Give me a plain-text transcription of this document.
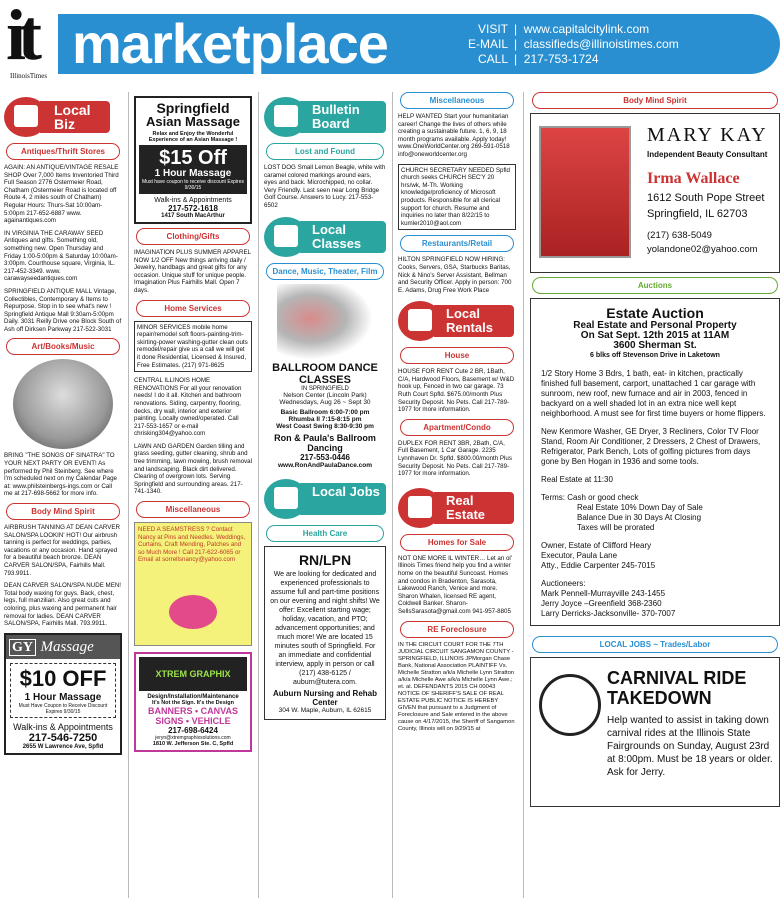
it
IllinoisTimes
marketplace	VISIT |  www.capitalcitylink.com
E-MAIL |  classifieds@illinoistimes.com
CALL |  217-753-1724
Local Biz
Antiques/Thrift Stores
AGAIN: AN ANTIQUE/VINTAGE RESALE SHOP Over 7,000 Items Inventoried Third Full Season 2776 Ostermeier Road, Chatham (Ostermeier Road is located off Route 4, 2 miles south of Chatham) Regular Hours: Thurs-Sat 10:00am-5:00pm 217-652-6887 www. againantiques.com
IN VIRGINIA THE CARAWAY SEED Antiques and gifts. Something old, something new. Open Thursday and Friday 1:00-5:00pm & Saturday 10:00am-3:00pm. Courthouse square, Virginia, IL. 217-452-3349. www. carawayseedantiques.com
SPRINGFIELD ANTIQUE MALL Vintage, Collectibles, Contemporary & Items to Repurpose. Stop in to see what's new ! Springfield Antique Mall 9:30am-5:00pm Daily. 3031 Reilly Drive one Block South of Ash off Dirksen Parkway 217-522-3031
Art/Books/Music
BRING "THE SONGS OF SINATRA" TO YOUR NEXT PARTY OR EVENT! As performed by Phil Steinberg. See where I'm scheduled next on my Calendar Page at: www.philsteinbergs-ings.com or Call me at 217-698-5662 for more info.
Body Mind Spirit
AIRBRUSH TANNING AT DEAN CARVER SALON/SPA LOOKIN' HOT! Our airbrush tanning is perfect for weddings, parties, vacations or any occasion. Hand sprayed for a beautiful beach bronze. DEAN CARVER SALON/SPA, Fairhills Mall. 793.9911.
DEAN CARVER SALON/SPA NUDE MEN! Total body waxing for guys. Back, chest, legs, full manzilian. Also great cuts and coloring, plus waxing and permanent hair removal for ladies. DEAN CARVER SALON/SPA, Fairhills Mall. 793.9911.
GY Massage
$10 OFF
1 Hour Massage
Must Have Coupon to Receive Discount Expires 9/30/15
Walk-ins & Appointments
217-546-7250
2655 W Lawrence Ave, Spfld
Springfield
Asian Massage
Relax and Enjoy the Wonderful Experience of an Asian Massage !
$15 Off
1 Hour Massage
Must have coupon to receive discount Expires 9/30/15
Walk-ins & Appointments
217-572-1618
1417 South MacArthur
Clothing/Gifts
IMAGINATION PLUS SUMMER APPAREL NOW 1/2 OFF New things arriving daily / Jewelry, handbags and great gifts for any occasion. Unique stuff for unique people. Imagination Plus Fairhills Mall. Open 7 days.
Home Services
MINOR SERVICES mobile home repair/remodel soft floors-painting-trim-skirting-power washing-gutter clean outs remodel/repair give us a call we will get it done Residential, Licensed & Insured, Free Estimates. (217) 971-8625
CENTRAL ILLINOIS HOME RENOVATIONS For all your renovation needs! I do it all. Kitchen and bathroom renovations. Siding, carpentry, flooring, decks, dry wall, interior and exterior painting. Locally owned/operated. Call 217-553-1657 or e-mail chrisking304@yahoo.com
LAWN AND GARDEN Garden tilling and grass seeding, gutter cleaning, shrub and tree trimming, lawn mowing, brush removal and landscaping. Black dirt delivered. Clearing of overgrown lots. Serving Springfield and surrounding areas. 217-741-1340.
Miscellaneous
NEED A SEAMSTRESS ? Contact Nancy at Pins and Needles. Weddings, Curtains, Craft Mending, Patches and so Much More ! Call 217-622-6065 or Email at sorrellsnancy@yahoo.com
XTREM GRAPHIX
Design/Installation/Maintenance
It's Not the Sign. It's the Design
BANNERS • CANVAS
SIGNS • VEHICLE
217-698-6424
jeryn@xtremgraphixsolutions.com
1810 W. Jefferson Ste. C, Spfld
Bulletin Board
Lost and Found
LOST DOG Small Lemon Beagle, white with caramel colored markings around ears, eyes and back. Microchipped, no collar. Very Friendly. Last seen near Long Bridge Golf Course. Answers to Lucy. 217-553-6502
Local Classes
Dance, Music, Theater, Film
BALLROOM DANCE CLASSES
IN SPRINGFIELD
Nelson Center (Lincoln Park)
Wednesdays, Aug 26 ~ Sept 30
Basic Ballroom 6:00-7:00 pm
Rhumba II 7:15-8:15 pm
West Coast Swing 8:30-9:30 pm
Ron & Paula's Ballroom Dancing
217-553-0446
www.RonAndPaulaDance.com
Local Jobs
Health Care
RN/LPN
We are looking for dedicated and experienced professionals to assume full and part-time positions on our evening and night shifts! We offer: Excellent starting wage; holiday, vacation, and PTO; advancement opportunities; and much more! We are located 15 minutes south of Springfield. For an immediate and confidential interview, apply in person or call (217) 438-6125 / auburn@tutera.com.
Auburn Nursing and Rehab Center
304 W. Maple, Auburn, IL 62615
Miscellaneous
HELP WANTED Start your humanitarian career! Change the lives of others while creating a sustainable future. 1, 6, 9, 18 month programs available. Apply today! www.OneWorldCenter.org 269-591-0518 info@oneworldcenter.org
CHURCH SECRETARY NEEDED Spfld church seeks CHURCH SEC'Y 20 hrs/wk, M-Th. Working knowledge/proficiency of Microsoft products. Responsible for all clerical support for church. Resume and inquiries no later than 8/22/15 to kumler2010@aol.com
Restaurants/Retail
HILTON SPRINGFIELD NOW HIRING: Cooks, Servers, GSA, Starbucks Baritas, Nick & Nino's Server Assistant, Bellman and Security Officer. Apply in person: 700 E. Adams, Drug Free Work Place
Local Rentals
House
HOUSE FOR RENT Cute 2 BR, 1Bath, C/A, Hardwood Floors, Basement w/ W&D hook up, Fenced in two car garage. 73 Ruth Court Spfld. $675.00/month Plus Security Deposit. No Pets. Call 217-789-1977 for more information.
Apartment/Condo
DUPLEX FOR RENT 3BR, 2Bath, C/A, Full Basement, 1 Car Garage. 2235 Lynnhaven Dr. Spfld. $800.00/month Plus Security Deposit. No Pets. Call 217-789-1977 for more information.
Real Estate
Homes for Sale
NOT ONE MORE IL WINTER… Let an ol' Illinois Times friend help you find a winter home on the beautiful Suncoast. Homes and condos in Bradenton, Sarasota, Lakewood Ranch, Venice and more. Sharon Whalen, licensed RE agent, Coldwell Banker. Sharon-SellsSarasota@gmail.com 941-957-8805
RE Foreclosure
IN THE CIRCUIT COURT FOR THE 7TH JUDICIAL CIRCUIT SANGAMON COUNTY - SPRINGFIELD, ILLINOIS JPMorgan Chase Bank, National Association PLAINTIFF Vs. Michelle Stratton a/k/a Michelle Lynn Stratton a/k/a Michelle Awe a/k/a Michelle Lynn Awe.; et. al. DEFENDANTS 2015 CH 00043 NOTICE OF SHERIFF'S SALE OF REAL ESTATE PUBLIC NOTICE IS HEREBY GIVEN that pursuant to a Judgment of Foreclosure and Sale entered in the above cause on 4/17/2015, the Sheriff of Sangamon County, Illinois will on 9/29/15 at
Body Mind Spirit
MARY KAY
Independent Beauty Consultant
Irma Wallace
1612 South Pope Street
Springfield, IL 62703
(217) 638-5049
yolandone02@yahoo.com
Auctions
Estate Auction
Real Estate and Personal Property
On Sat Sept. 12th 2015 at 11AM
3600 Sherman St.
6 blks off Stevenson Drive in Laketown
1/2 Story Home 3 Bdrs, 1 bath, eat- in kitchen, practically finished full basement, carport, unattached 1 car garage with sunroom, new roof, new furnace and air in 2003, fenced in backyard on a well shaded lot in an extra nice well kept neighborhood. A must see for first time buyers or home flippers.
New Kenmore Washer, GE Dryer, 3 Recliners, Color TV Floor Stand, Room Air Conditioner, 2 Dressers, 2 Chest of Drawers, Refrigerator, Park Bench, Lots of golfing pictures from days gone by Ben Hogan in 1936 and some tools.
Real Estate at 11:30
Terms: Cash or good check
Real Estate 10% Down Day of Sale
Balance Due in 30 Days At Closing
Taxes will be prorated
Owner, Estate of Clifford Heary
Executor, Paula Lane
Atty., Eddie Carpenter 245-7015
Auctioneers:
Mark Pennell-Murrayville 243-1455
Jerry Joyce –Greenfield 368-2360
Larry Derricks-Jacksonville- 370-7007
LOCAL JOBS ~ Trades/Labor
CARNIVAL RIDE TAKEDOWN
Help wanted to assist in taking down carnival rides at the Illinois State Fairgrounds on Sunday, August 23rd at 8:00pm. Must be 18 years or older. Ask for Jerry.
